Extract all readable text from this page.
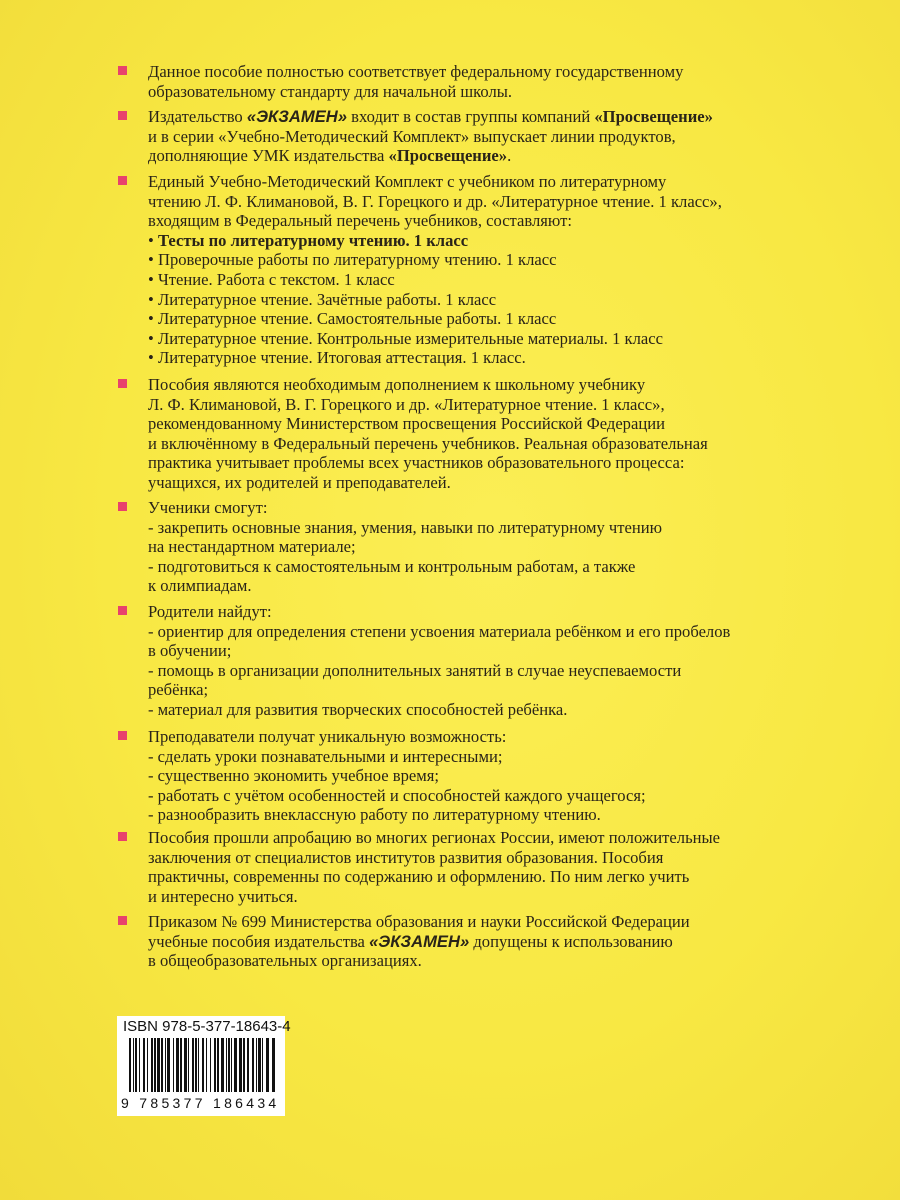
Данное пособие полностью соответствует федеральному государственному
образовательному стандарту для начальной школы.
Издательство «ЭКЗАМЕН» входит в состав группы компаний «Просвещение»
и в серии «Учебно-Методический Комплект» выпускает линии продуктов,
дополняющие УМК издательства «Просвещение».
Единый Учебно-Методический Комплект с учебником по литературному
чтению Л. Ф. Климановой, В. Г. Горецкого и др. «Литературное чтение. 1 класс»,
входящим в Федеральный перечень учебников, составляют:
• Тесты по литературному чтению. 1 класс
• Проверочные работы по литературному чтению. 1 класс
• Чтение. Работа с текстом. 1 класс
• Литературное чтение. Зачётные работы. 1 класс
• Литературное чтение. Самостоятельные работы. 1 класс
• Литературное чтение. Контрольные измерительные материалы. 1 класс
• Литературное чтение. Итоговая аттестация. 1 класс.
Пособия являются необходимым дополнением к школьному учебнику
Л. Ф. Климановой, В. Г. Горецкого и др. «Литературное чтение. 1 класс»,
рекомендованному Министерством просвещения Российской Федерации
и включённому в Федеральный перечень учебников. Реальная образовательная
практика учитывает проблемы всех участников образовательного процесса:
учащихся, их родителей и преподавателей.
Ученики смогут:
- закрепить основные знания, умения, навыки по литературному чтению
на нестандартном материале;
- подготовиться к самостоятельным и контрольным работам, а также
к олимпиадам.
Родители найдут:
- ориентир для определения степени усвоения материала ребёнком и его пробелов
в обучении;
- помощь в организации дополнительных занятий в случае неуспеваемости
ребёнка;
- материал для развития творческих способностей ребёнка.
Преподаватели получат уникальную возможность:
- сделать уроки познавательными и интересными;
- существенно экономить учебное время;
- работать с учётом особенностей и способностей каждого учащегося;
- разнообразить внеклассную работу по литературному чтению.
Пособия прошли апробацию во многих регионах России, имеют положительные
заключения от специалистов институтов развития образования. Пособия
практичны, современны по содержанию и оформлению. По ним легко учить
и интересно учиться.
Приказом № 699 Министерства образования и науки Российской Федерации
учебные пособия издательства «ЭКЗАМЕН» допущены к использованию
в общеобразовательных организациях.
ISBN 978-5-377-18643-4
9 785377 186434
